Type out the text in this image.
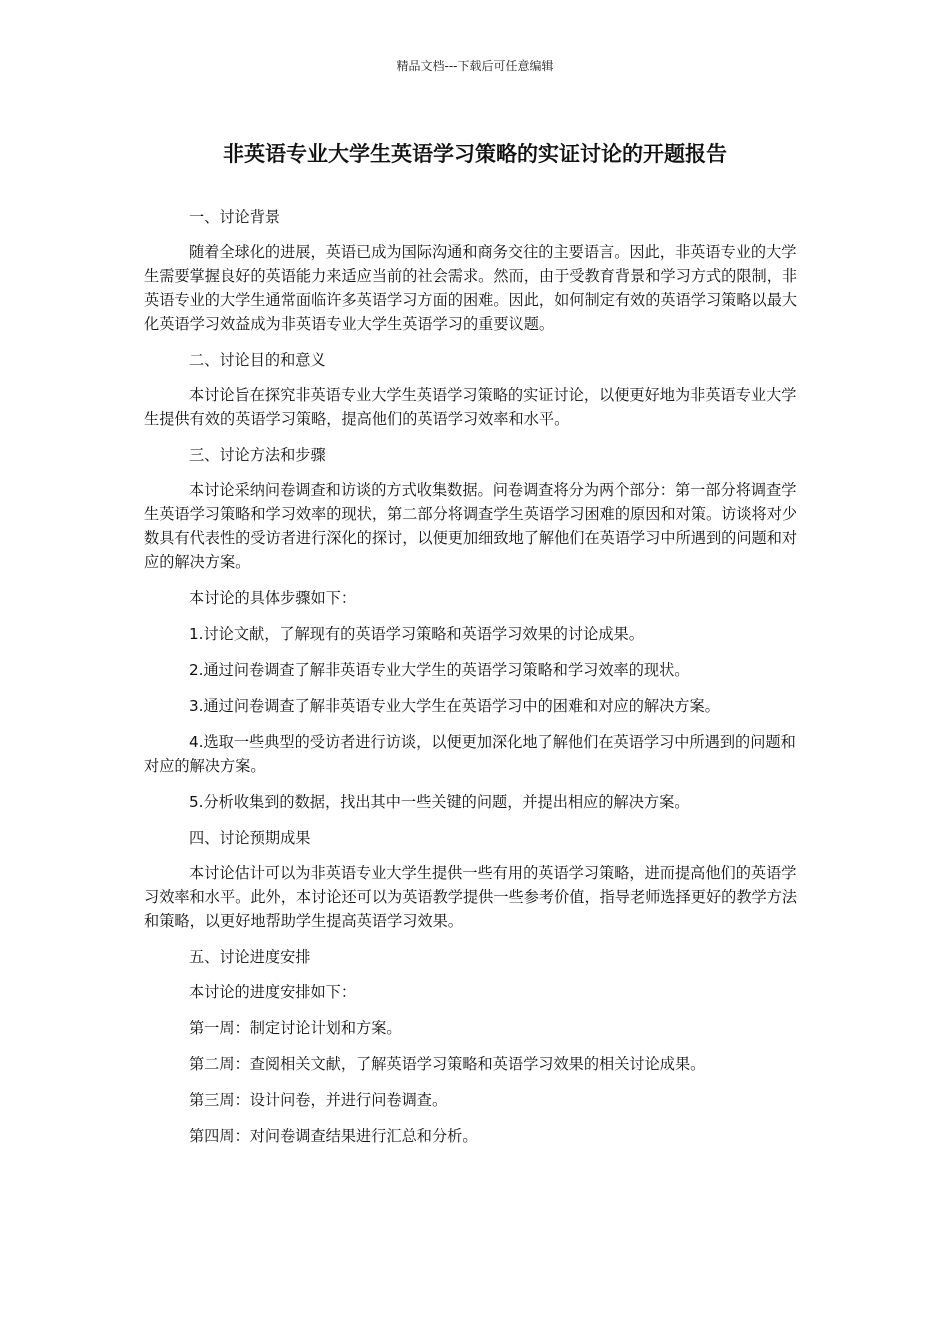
精品文档---下载后可任意编辑
非英语专业大学生英语学习策略的实证讨论的开题报告

一、讨论背景

随着全球化的进展，英语已成为国际沟通和商务交往的主要语言。因此，非英语专业的大学生需要掌握良好的英语能力来适应当前的社会需求。然而，由于受教育背景和学习方式的限制，非英语专业的大学生通常面临许多英语学习方面的困难。因此，如何制定有效的英语学习策略以最大化英语学习效益成为非英语专业大学生英语学习的重要议题。

二、讨论目的和意义

本讨论旨在探究非英语专业大学生英语学习策略的实证讨论，以便更好地为非英语专业大学生提供有效的英语学习策略，提高他们的英语学习效率和水平。

三、讨论方法和步骤

本讨论采纳问卷调查和访谈的方式收集数据。问卷调查将分为两个部分：第一部分将调查学生英语学习策略和学习效率的现状，第二部分将调查学生英语学习困难的原因和对策。访谈将对少数具有代表性的受访者进行深化的探讨，以便更加细致地了解他们在英语学习中所遇到的问题和对应的解决方案。

本讨论的具体步骤如下：

1.讨论文献，了解现有的英语学习策略和英语学习效果的讨论成果。

2.通过问卷调查了解非英语专业大学生的英语学习策略和学习效率的现状。

3.通过问卷调查了解非英语专业大学生在英语学习中的困难和对应的解决方案。

4.选取一些典型的受访者进行访谈，以便更加深化地了解他们在英语学习中所遇到的问题和对应的解决方案。

5.分析收集到的数据，找出其中一些关键的问题，并提出相应的解决方案。

四、讨论预期成果

本讨论估计可以为非英语专业大学生提供一些有用的英语学习策略，进而提高他们的英语学习效率和水平。此外，本讨论还可以为英语教学提供一些参考价值，指导老师选择更好的教学方法和策略，以更好地帮助学生提高英语学习效果。

五、讨论进度安排

本讨论的进度安排如下：

第一周：制定讨论计划和方案。

第二周：查阅相关文献，了解英语学习策略和英语学习效果的相关讨论成果。

第三周：设计问卷，并进行问卷调查。

第四周：对问卷调查结果进行汇总和分析。
